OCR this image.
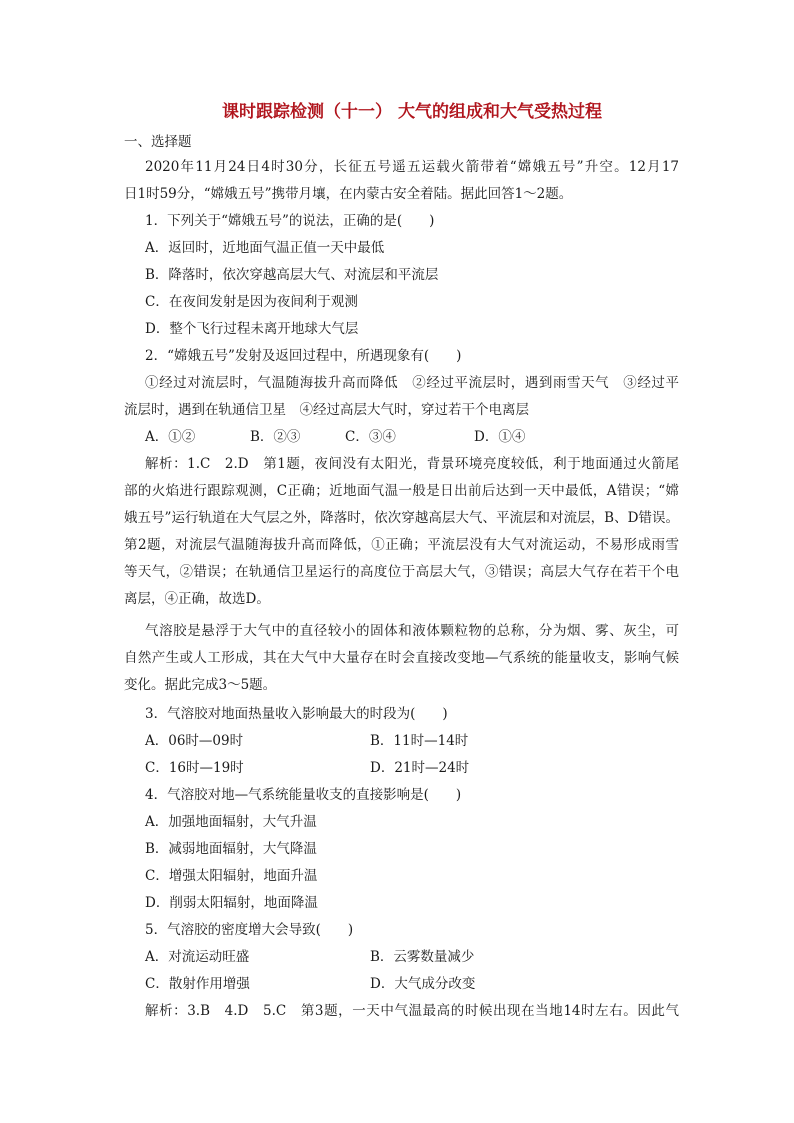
课时跟踪检测（十一） 大气的组成和大气受热过程
一、选择题
2020年11月24日4时30分，长征五号遥五运载火箭带着“嫦娥五号”升空。12月17
日1时59分，“嫦娥五号”携带月壤，在内蒙古安全着陆。据此回答1～2题。
1．下列关于“嫦娥五号”的说法，正确的是(　　)
A．返回时，近地面气温正值一天中最低
B．降落时，依次穿越高层大气、对流层和平流层
C．在夜间发射是因为夜间利于观测
D．整个飞行过程未离开地球大气层
2．“嫦娥五号”发射及返回过程中，所遇现象有(　　)
①经过对流层时，气温随海拔升高而降低　②经过平流层时，遇到雨雪天气　③经过平
流层时，遇到在轨通信卫星　④经过高层大气时，穿过若干个电离层
A．①②	B．②③	C．③④	D．①④
解析：1.C　2.D　第1题，夜间没有太阳光，背景环境亮度较低，利于地面通过火箭尾
部的火焰进行跟踪观测，C正确；近地面气温一般是日出前后达到一天中最低，A错误；“嫦
娥五号”运行轨道在大气层之外，降落时，依次穿越高层大气、平流层和对流层，B、D错误。
第2题，对流层气温随海拔升高而降低，①正确；平流层没有大气对流运动，不易形成雨雪
等天气，②错误；在轨通信卫星运行的高度位于高层大气，③错误；高层大气存在若干个电
离层，④正确，故选D。
气溶胶是悬浮于大气中的直径较小的固体和液体颗粒物的总称，分为烟、雾、灰尘，可
自然产生或人工形成，其在大气中大量存在时会直接改变地—气系统的能量收支，影响气候
变化。据此完成3～5题。
3．气溶胶对地面热量收入影响最大的时段为(　　)
A．06时—09时	B．11时—14时
C．16时—19时	D．21时—24时
4．气溶胶对地—气系统能量收支的直接影响是(　　)
A．加强地面辐射，大气升温
B．减弱地面辐射，大气降温
C．增强太阳辐射，地面升温
D．削弱太阳辐射，地面降温
5．气溶胶的密度增大会导致(　　)
A．对流运动旺盛	B．云雾数量减少
C．散射作用增强	D．大气成分改变
解析：3.B　4.D　5.C　第3题，一天中气温最高的时候出现在当地14时左右。因此气
